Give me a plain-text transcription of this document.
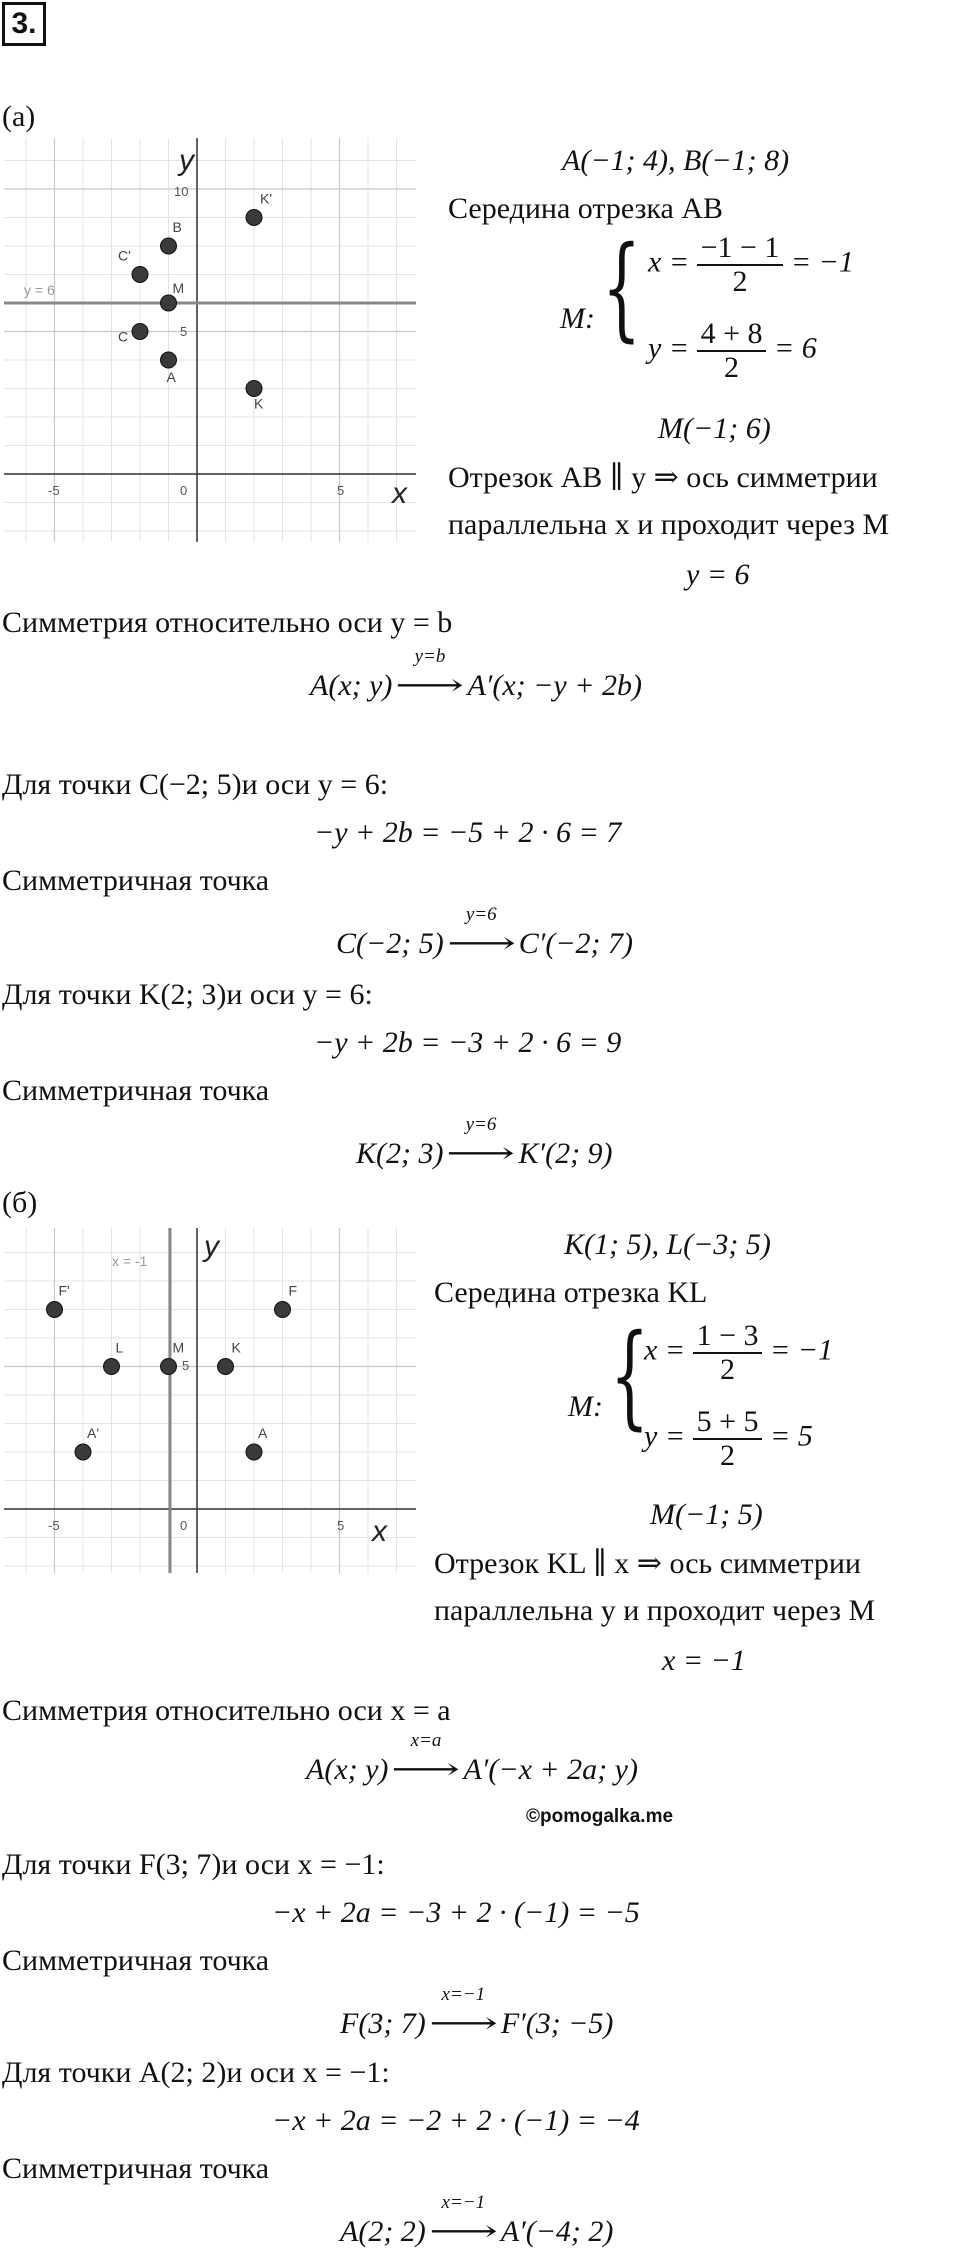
3.
(a)
y = 6
y
x
-5	0	5
10
5
A
B
C
C'
M
K
K'
A(−1; 4), B(−1; 8)
Середина отрезка AB
M: { $x = \frac{-1 - 1}{2} = -1$
$y = \frac{4 + 8}{2} = 6$
M(−1; 6)
Отрезок AB ∥ y ⇒ ось симметрии
параллельна x и проходит через M
y = 6
Симметрия относительно оси y = b
A(x; y)
y=b
⟶ A′(x; −y + 2b)
Для точки C(−2; 5)и оси y = 6:
−y + 2b = −5 + 2 · 6 = 7
Симметричная точка
C(−2; 5)
y=6
⟶ C′(−2; 7)
Для точки K(2; 3)и оси y = 6:
−y + 2b = −3 + 2 · 6 = 9
Симметричная точка
K(2; 3)
y=6
⟶ K′(2; 9)
(б)
x = -1 y
x
-5	0	5
5
F'	F
L	M	K
A'	A
K(1; 5), L(−3; 5)
Середина отрезка KL
M: {
$x = \frac{1 - 3}{2} = -1$
$y = \frac{5 + 5}{2} = 5$
M(−1; 5)
Отрезок KL ∥ x ⇒ ось симметрии
параллельна y и проходит через M
x = −1
Симметрия относительно оси x = a
A(x; y)
x=a
⟶ A′(−x + 2a; y)
©pomogalka.me
Для точки F(3; 7)и оси x = −1:
−x + 2a = −3 + 2 · (−1) = −5
Симметричная точка
F(3; 7)
x=−1
⟶ F′(3; −5)
Для точки A(2; 2)и оси x = −1:
−x + 2a = −2 + 2 · (−1) = −4
Симметричная точка
A(2; 2)
x=−1
⟶ A′(−4; 2)
